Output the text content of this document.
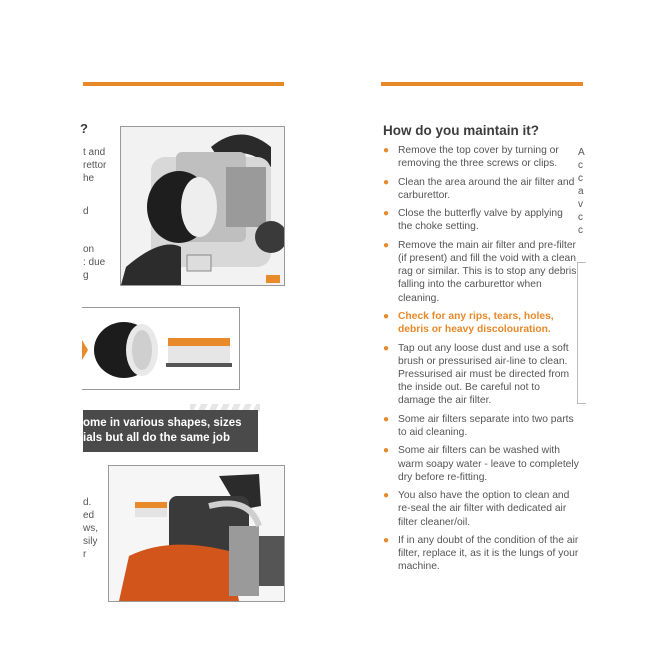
?
t and
rettor
he
d
on
: due
g
ome in various shapes, sizes
ials but all do the same job
d.
ed
ws,
sily
r
How do you maintain it?
● Remove the top cover by turning or removing the three screws or clips.
● Clean the area around the air filter and carburettor.
● Close the butterfly valve by applying the choke setting.
● Remove the main air filter and pre-filter (if present) and fill the void with a clean rag or similar. This is to stop any debris falling into the carburettor when cleaning.
● Check for any rips, tears, holes, debris or heavy discolouration.
● Tap out any loose dust and use a soft brush or pressurised air-line to clean. Pressurised air must be directed from the inside out. Be careful not to damage the air filter.
● Some air filters separate into two parts to aid cleaning.
● Some air filters can be washed with warm soapy water - leave to completely dry before re-fitting.
● You also have the option to clean and re-seal the air filter with dedicated air filter cleaner/oil.
● If in any doubt of the condition of the air filter, replace it, as it is the lungs of your machine.
A
c
c
a
v
c
c
